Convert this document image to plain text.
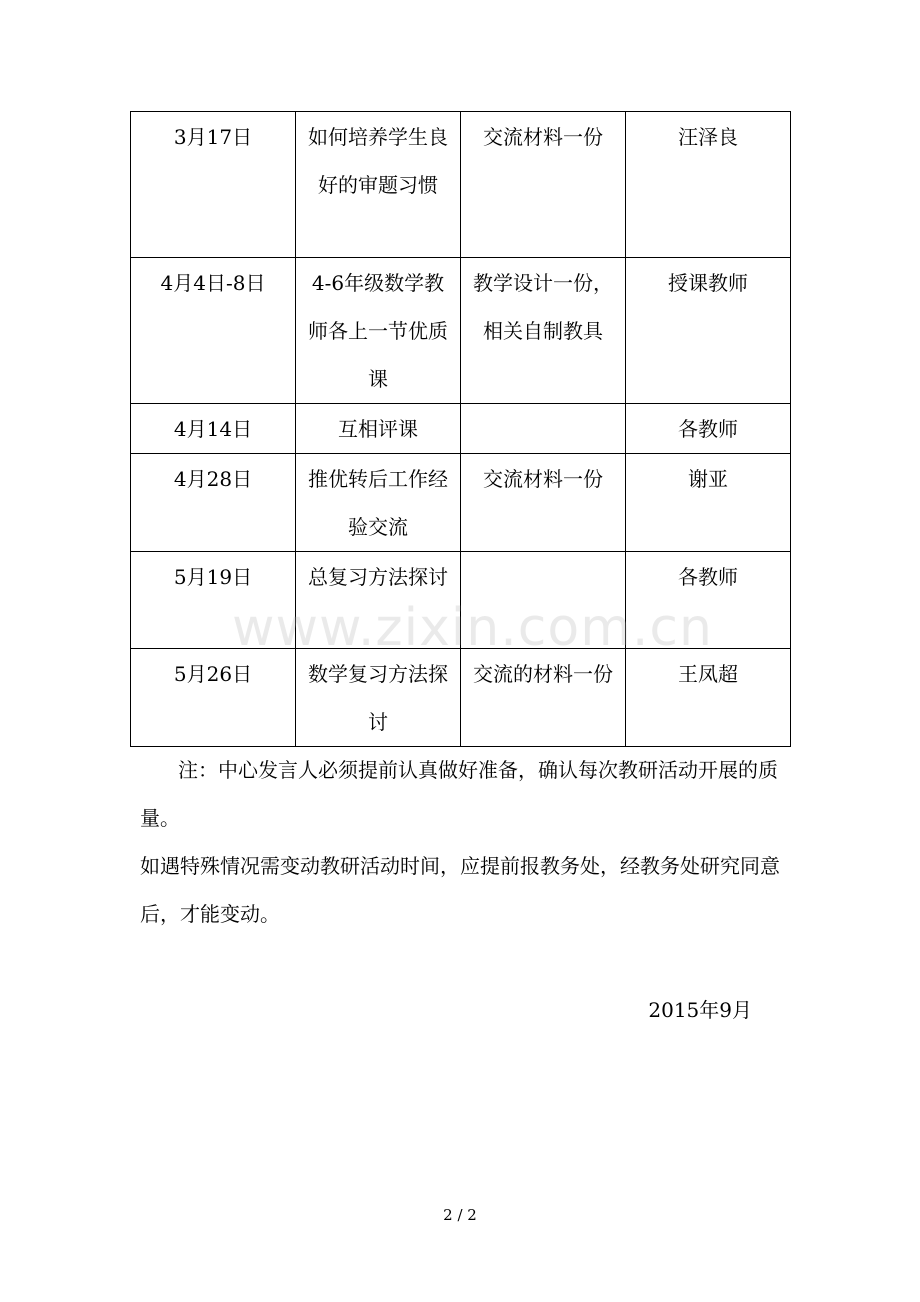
3月17日	如何培养学生良好的审题习惯	交流材料一份	汪泽良
4月4日-8日	4-6年级数学教师各上一节优质课	教学设计一份，相关自制教具	授课教师
4月14日	互相评课		各教师
4月28日	推优转后工作经验交流	交流材料一份	谢亚
5月19日	总复习方法探讨		各教师
5月26日	数学复习方法探讨	交流的材料一份	王凤超
www.zixin.com.cn

注：中心发言人必须提前认真做好准备，确认每次教研活动开展的质量。

如遇特殊情况需变动教研活动时间，应提前报教务处，经教务处研究同意后，才能变动。

2015年9月

2 / 2
